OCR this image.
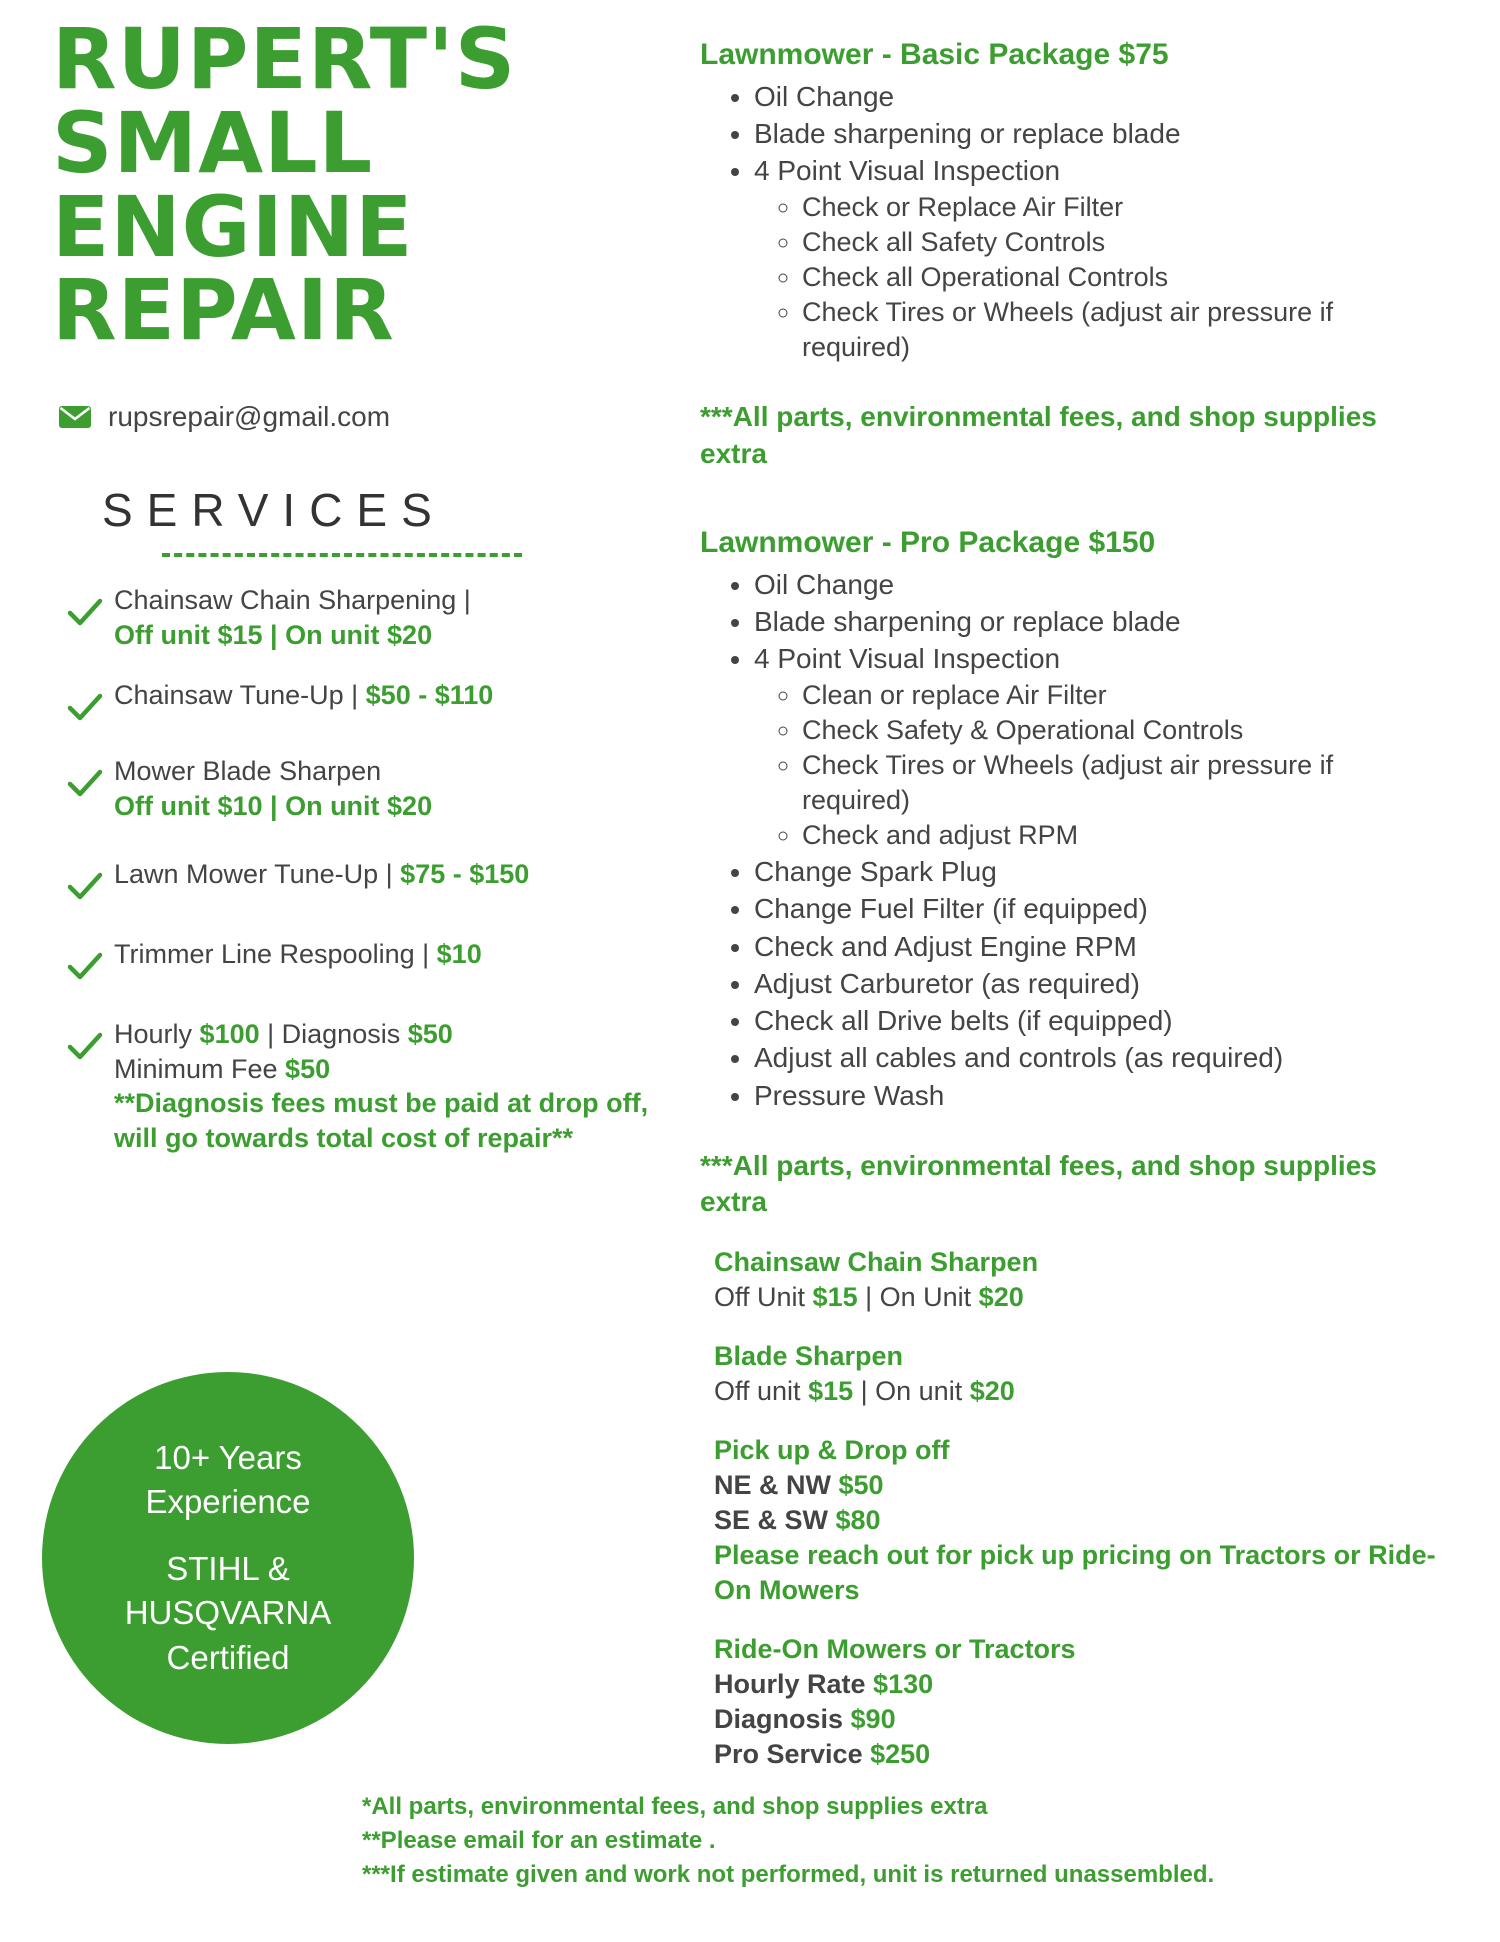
RUPERT'S
SMALL
ENGINE
REPAIR
rupsrepair@gmail.com
SERVICES
Chainsaw Chain Sharpening |
Off unit $15 | On unit $20
Chainsaw Tune-Up | $50 - $110
Mower Blade Sharpen
Off unit $10 | On unit $20
Lawn Mower Tune-Up | $75 - $150
Trimmer Line Respooling | $10
Hourly $100 | Diagnosis $50
Minimum Fee $50
**Diagnosis fees must be paid at drop off, will go towards total cost of repair**
10+ Years
Experience
STIHL &
HUSQVARNA
Certified
Lawnmower - Basic Package $75
• Oil Change
• Blade sharpening or replace blade
• 4 Point Visual Inspection
◦ Check or Replace Air Filter
◦ Check all Safety Controls
◦ Check all Operational Controls
◦ Check Tires or Wheels (adjust air pressure if required)
***All parts, environmental fees, and shop supplies extra
Lawnmower - Pro Package $150
• Oil Change
• Blade sharpening or replace blade
• 4 Point Visual Inspection
◦ Clean or replace Air Filter
◦ Check Safety & Operational Controls
◦ Check Tires or Wheels (adjust air pressure if required)
◦ Check and adjust RPM
• Change Spark Plug
• Change Fuel Filter (if equipped)
• Check and Adjust Engine RPM
• Adjust Carburetor (as required)
• Check all Drive belts (if equipped)
• Adjust all cables and controls (as required)
• Pressure Wash
***All parts, environmental fees, and shop supplies extra
Chainsaw Chain Sharpen
Off Unit $15 | On Unit $20
Blade Sharpen
Off unit $15 | On unit $20
Pick up & Drop off
NE & NW $50
SE & SW $80
Please reach out for pick up pricing on Tractors or Ride-On Mowers
Ride-On Mowers or Tractors
Hourly Rate $130
Diagnosis $90
Pro Service $250
*All parts, environmental fees, and shop supplies extra
**Please email for an estimate .
***If estimate given and work not performed, unit is returned unassembled.
